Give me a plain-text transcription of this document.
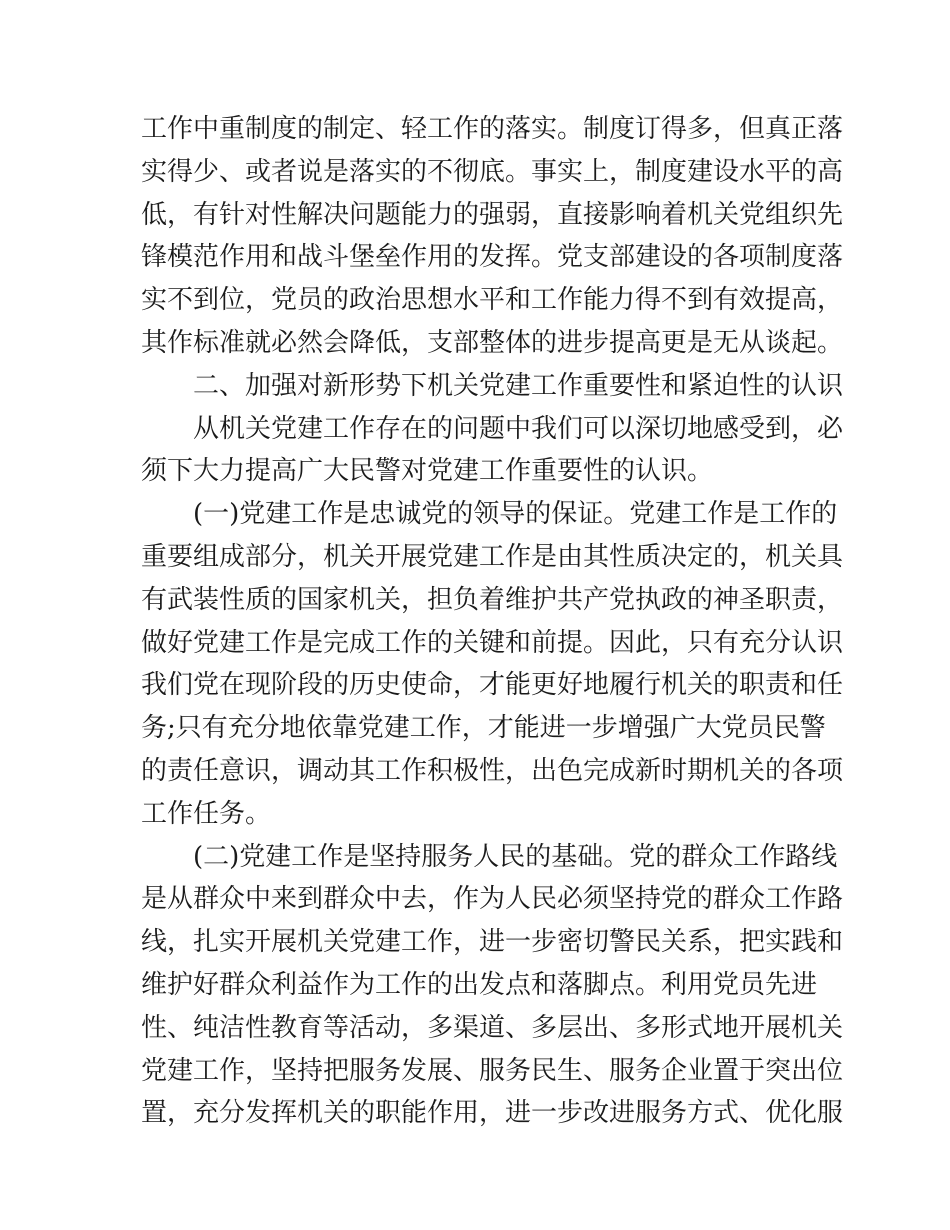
工作中重制度的制定、轻工作的落实。制度订得多，但真正落
实得少、或者说是落实的不彻底。事实上，制度建设水平的高
低，有针对性解决问题能力的强弱，直接影响着机关党组织先
锋模范作用和战斗堡垒作用的发挥。党支部建设的各项制度落
实不到位，党员的政治思想水平和工作能力得不到有效提高，
其作标准就必然会降低，支部整体的进步提高更是无从谈起。
二、加强对新形势下机关党建工作重要性和紧迫性的认识
从机关党建工作存在的问题中我们可以深切地感受到，必
须下大力提高广大民警对党建工作重要性的认识。
(一)党建工作是忠诚党的领导的保证。党建工作是工作的
重要组成部分，机关开展党建工作是由其性质决定的，机关具
有武装性质的国家机关，担负着维护共产党执政的神圣职责，
做好党建工作是完成工作的关键和前提。因此，只有充分认识
我们党在现阶段的历史使命，才能更好地履行机关的职责和任
务;只有充分地依靠党建工作，才能进一步增强广大党员民警
的责任意识，调动其工作积极性，出色完成新时期机关的各项
工作任务。
(二)党建工作是坚持服务人民的基础。党的群众工作路线
是从群众中来到群众中去，作为人民必须坚持党的群众工作路
线，扎实开展机关党建工作，进一步密切警民关系，把实践和
维护好群众利益作为工作的出发点和落脚点。利用党员先进
性、纯洁性教育等活动，多渠道、多层出、多形式地开展机关
党建工作，坚持把服务发展、服务民生、服务企业置于突出位
置，充分发挥机关的职能作用，进一步改进服务方式、优化服
